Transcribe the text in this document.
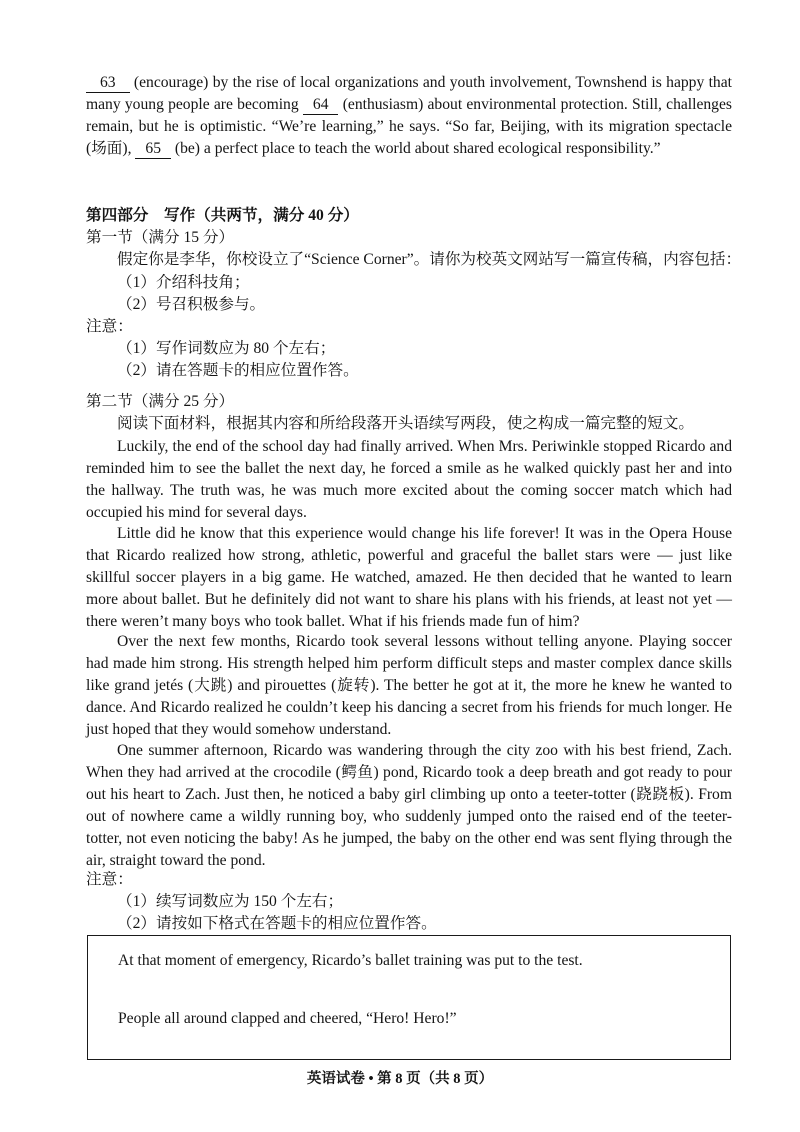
63 (encourage) by the rise of local organizations and youth involvement, Townshend is happy that many young people are becoming 64 (enthusiasm) about environmental protection. Still, challenges remain, but he is optimistic. “We’re learning,” he says. “So far, Beijing, with its migration spectacle (场面), 65 (be) a perfect place to teach the world about shared ecological responsibility.”

第四部分　写作（共两节，满分 40 分）

第一节（满分 15 分）

假定你是李华，你校设立了“Science Corner”。请你为校英文网站写一篇宣传稿，内容包括：

（1）介绍科技角；

（2）号召积极参与。

注意：

（1）写作词数应为 80 个左右；

（2）请在答题卡的相应位置作答。

第二节（满分 25 分）

阅读下面材料，根据其内容和所给段落开头语续写两段，使之构成一篇完整的短文。

Luckily, the end of the school day had finally arrived. When Mrs. Periwinkle stopped Ricardo and reminded him to see the ballet the next day, he forced a smile as he walked quickly past her and into the hallway. The truth was, he was much more excited about the coming soccer match which had occupied his mind for several days.

Little did he know that this experience would change his life forever! It was in the Opera House that Ricardo realized how strong, athletic, powerful and graceful the ballet stars were — just like skillful soccer players in a big game. He watched, amazed. He then decided that he wanted to learn more about ballet. But he definitely did not want to share his plans with his friends, at least not yet — there weren’t many boys who took ballet. What if his friends made fun of him?

Over the next few months, Ricardo took several lessons without telling anyone. Playing soccer had made him strong. His strength helped him perform difficult steps and master complex dance skills like grand jetés (大跳) and pirouettes (旋转). The better he got at it, the more he knew he wanted to dance. And Ricardo realized he couldn’t keep his dancing a secret from his friends for much longer. He just hoped that they would somehow understand.

One summer afternoon, Ricardo was wandering through the city zoo with his best friend, Zach. When they had arrived at the crocodile (鳄鱼) pond, Ricardo took a deep breath and got ready to pour out his heart to Zach. Just then, he noticed a baby girl climbing up onto a teeter-totter (跷跷板). From out of nowhere came a wildly running boy, who suddenly jumped onto the raised end of the teeter-totter, not even noticing the baby! As he jumped, the baby on the other end was sent flying through the air, straight toward the pond.

注意：

（1）续写词数应为 150 个左右；

（2）请按如下格式在答题卡的相应位置作答。

At that moment of emergency, Ricardo’s ballet training was put to the test.
People all around clapped and cheered, “Hero! Hero!”
英语试卷 • 第 8 页（共 8 页）
